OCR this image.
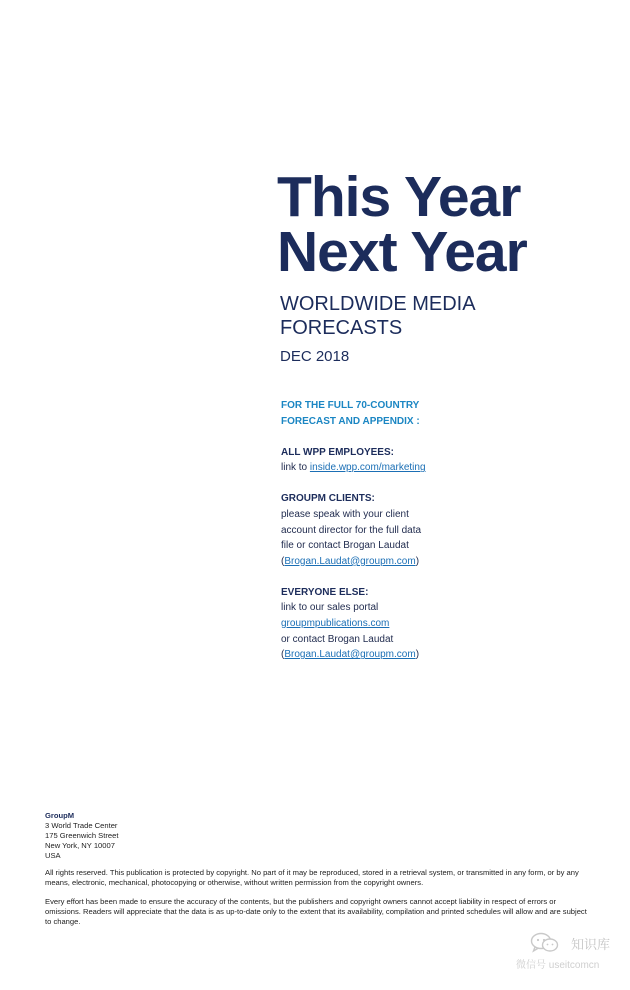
This Year
Next Year
WORLDWIDE MEDIA
FORECASTS
DEC 2018
FOR THE FULL 70-COUNTRY
FORECAST AND APPENDIX :
ALL WPP EMPLOYEES:
link to inside.wpp.com/marketing
GROUPM CLIENTS:
please speak with your client
account director for the full data
file or contact Brogan Laudat
(Brogan.Laudat@groupm.com)
EVERYONE ELSE:
link to our sales portal
groupmpublications.com
or contact Brogan Laudat
(Brogan.Laudat@groupm.com)
GroupM
3 World Trade Center
175 Greenwich Street
New York, NY 10007
USA
All rights reserved. This publication is protected by copyright. No part of it may be reproduced, stored in a retrieval system, or transmitted in any form, or by any means, electronic, mechanical, photocopying or otherwise, without written permission from the copyright owners.
Every effort has been made to ensure the accuracy of the contents, but the publishers and copyright owners cannot accept liability in respect of errors or omissions. Readers will appreciate that the data is as up-to-date only to the extent that its availability, compilation and printed schedules will allow and are subject to change.
知识库
微信号 useitcomcn
